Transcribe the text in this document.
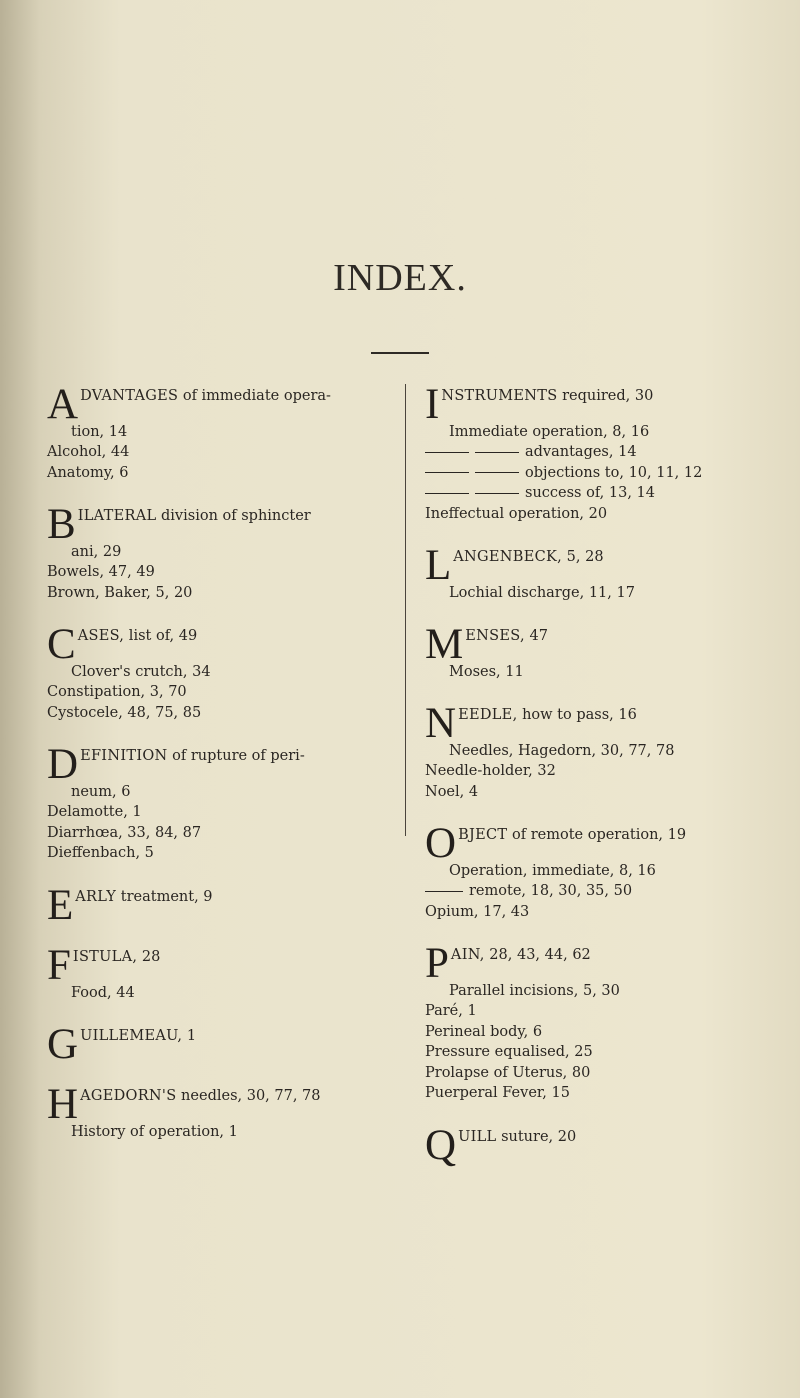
INDEX.
A DVANTAGES of immediate opera-
tion, 14
Alcohol, 44
Anatomy, 6
B ILATERAL division of sphincter
ani, 29
Bowels, 47, 49
Brown, Baker, 5, 20
C ASES, list of, 49
Clover's crutch, 34
Constipation, 3, 70
Cystocele, 48, 75, 85
D EFINITION of rupture of peri-
neum, 6
Delamotte, 1
Diarrhœa, 33, 84, 87
Dieffenbach, 5
E ARLY treatment, 9
F ISTULA, 28
Food, 44
G UILLEMEAU, 1
H AGEDORN'S needles, 30, 77, 78
History of operation, 1
I NSTRUMENTS required, 30
Immediate operation, 8, 16
advantages, 14
objections to, 10, 11, 12
success of, 13, 14
Ineffectual operation, 20
L ANGENBECK, 5, 28
Lochial discharge, 11, 17
M ENSES, 47
Moses, 11
N EEDLE, how to pass, 16
Needles, Hagedorn, 30, 77, 78
Needle-holder, 32
Noel, 4
O BJECT of remote operation, 19
Operation, immediate, 8, 16
remote, 18, 30, 35, 50
Opium, 17, 43
P AIN, 28, 43, 44, 62
Parallel incisions, 5, 30
Paré, 1
Perineal body, 6
Pressure equalised, 25
Prolapse of Uterus, 80
Puerperal Fever, 15
Q UILL suture, 20
